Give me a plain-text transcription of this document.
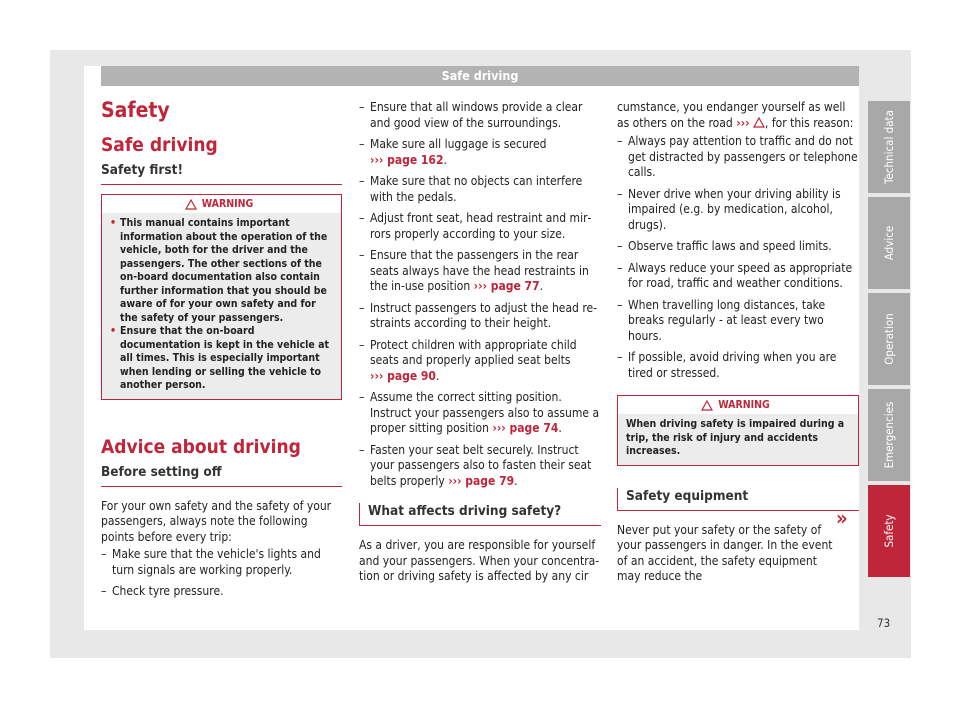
Safe driving
Safety
Safe driving
Safety first!
WARNING
• This manual contains important information about the operation of the vehicle, both for the driver and the passengers. The other sections of the on-board documentation also contain further information that you should be aware of for your own safety and for the safety of your passengers.
• Ensure that the on-board documentation is kept in the vehicle at all times. This is especially important when lending or selling the vehicle to another person.
Advice about driving
Before setting off

For your own safety and the safety of your passengers, always note the following points before every trip:

– Make sure that the vehicle's lights and turn signals are working properly.
– Check tyre pressure.
– Ensure that all windows provide a clear and good view of the surroundings.
– Make sure all luggage is secured
››› page 162.
– Make sure that no objects can interfere with the pedals.
– Adjust front seat, head restraint and mirrors properly according to your size.
– Ensure that the passengers in the rear seats always have the head restraints in the in-use position ››› page 77.
– Instruct passengers to adjust the head restraints according to their height.
– Protect children with appropriate child seats and properly applied seat belts
››› page 90.
– Assume the correct sitting position. Instruct your passengers also to assume a proper sitting position ››› page 74.
– Fasten your seat belt securely. Instruct your passengers also to fasten their seat belts properly ››› page 79.
What affects driving safety?

As a driver, you are responsible for yourself and your passengers. When your concentration or driving safety is affected by any cir

cumstance, you endanger yourself as well as others on the road ››› , for this reason:

– Always pay attention to traffic and do not get distracted by passengers or telephone calls.
– Never drive when your driving ability is impaired (e.g. by medication, alcohol, drugs).
– Observe traffic laws and speed limits.
– Always reduce your speed as appropriate for road, traffic and weather conditions.
– When travelling long distances, take breaks regularly - at least every two hours.
– If possible, avoid driving when you are tired or stressed.
WARNING
When driving safety is impaired during a trip, the risk of injury and accidents increases.
Safety equipment

Never put your safety or the safety of your passengers in danger. In the event of an accident, the safety equipment may reduce the

»
Technical data
Advice
Operation
Emergencies
Safety
73
